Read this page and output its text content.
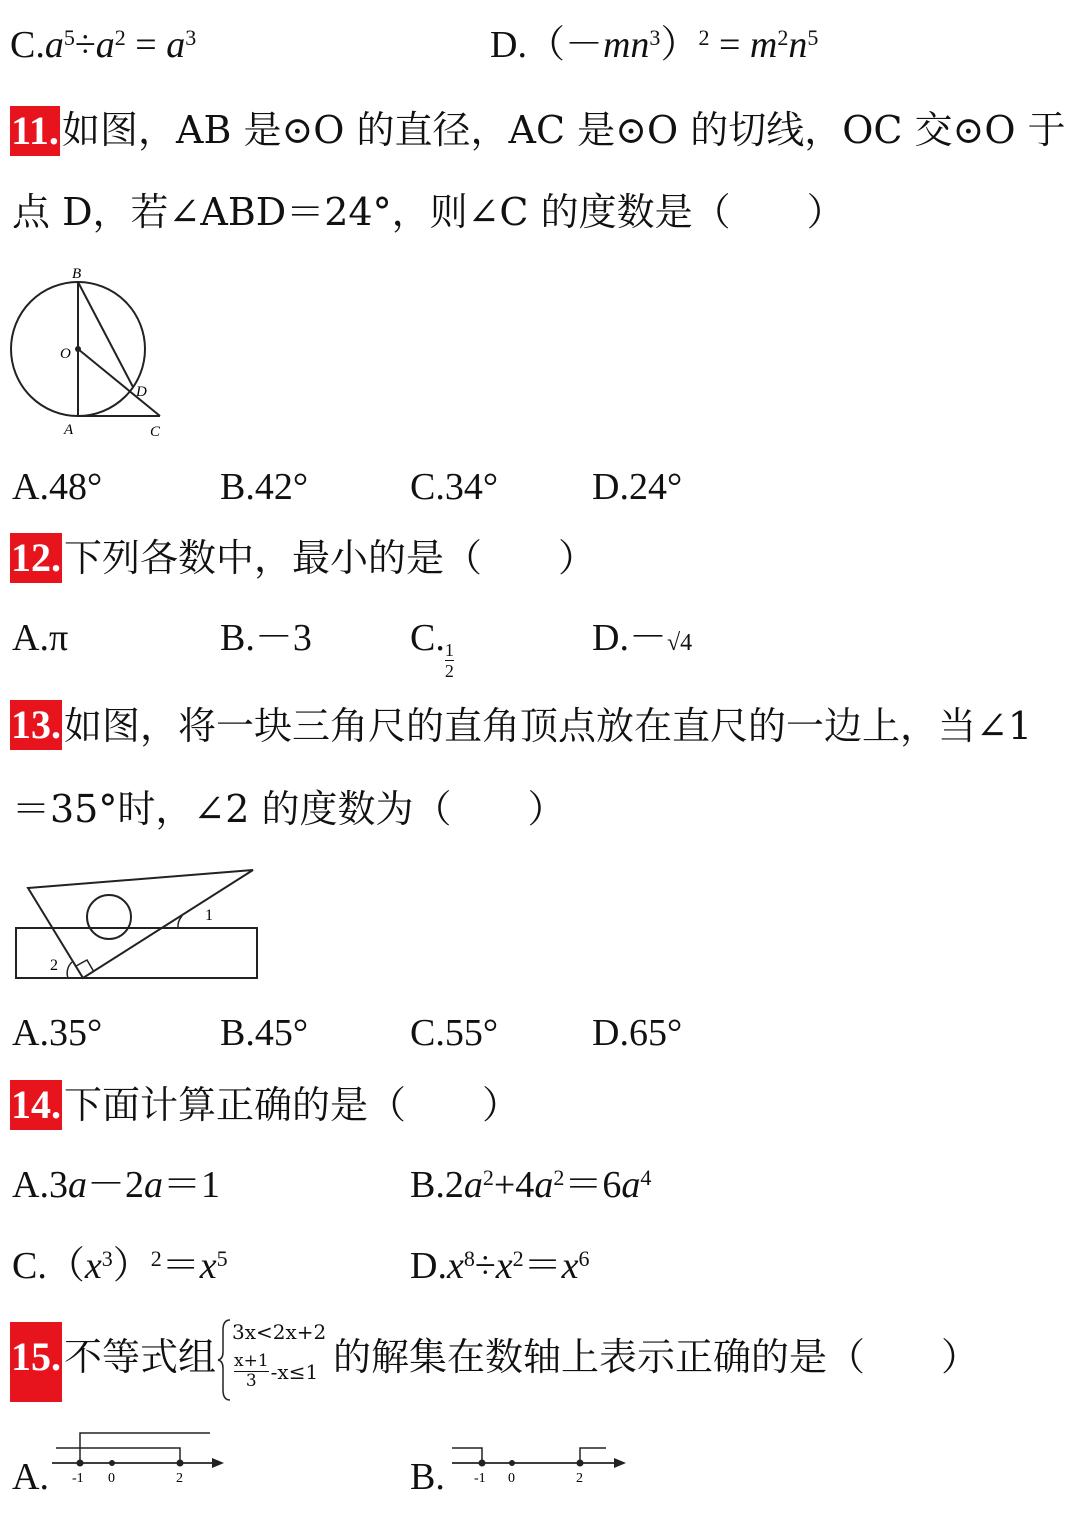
$C.a^5\div a^2 = a^3$	$D.(-mn^3)^2 = m^2n^5$
11. 如图，AB 是⊙O 的直径，AC 是⊙O 的切线，OC 交⊙O 于
点 D，若∠ABD＝24°，则∠C 的度数是（　　）
B
O
D
A	C
A.48°	B.42°	C.34° D.24°
12. 下列各数中，最小的是（　　）
A.π	B.－3	C.
$\frac{1}{2}$
D.－√4
13. 如图，将一块三角尺的直角顶点放在直尺的一边上，当∠1
＝35°时，∠2 的度数为（　　）
1
2
A.35°	B.45°	C.55° D.65°
14. 下面计算正确的是（　　）
A.3a－2a＝1	$B.2a^2+4a^2=6a^4$
$C.(x^3)^2=x^5$	$D.x^8\div x^2=x^6$
15. 不等式组
3x<2x+2
$\frac{x+1}{3} -x\le 1$ 的解集在数轴上表示正确的是（　　）
A. -1 0	2	B. -1 0	2
